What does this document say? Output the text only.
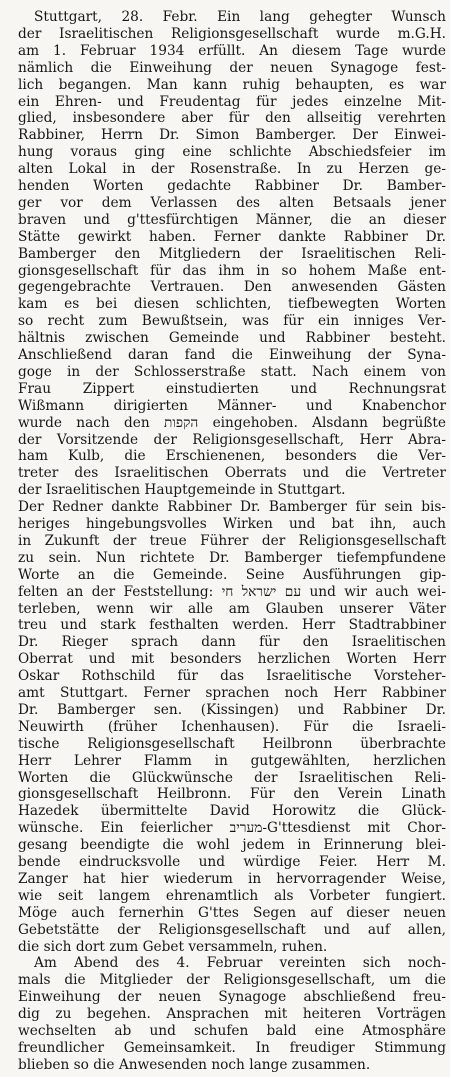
Stuttgart, 28. Febr. Ein lang gehegter Wunsch
der Israelitischen Religionsgesellschaft wurde m.G.H.
am 1. Februar 1934 erfüllt. An diesem Tage wurde
nämlich die Einweihung der neuen Synagoge fest-
lich begangen. Man kann ruhig behaupten, es war
ein Ehren- und Freudentag für jedes einzelne Mit-
glied, insbesondere aber für den allseitig verehrten
Rabbiner, Herrn Dr. Simon Bamberger. Der Einwei-
hung voraus ging eine schlichte Abschiedsfeier im
alten Lokal in der Rosenstraße. In zu Herzen ge-
henden Worten gedachte Rabbiner Dr. Bamber-
ger vor dem Verlassen des alten Betsaals jener
braven und g'ttesfürchtigen Männer, die an dieser
Stätte gewirkt haben. Ferner dankte Rabbiner Dr.
Bamberger den Mitgliedern der Israelitischen Reli-
gionsgesellschaft für das ihm in so hohem Maße ent-
gegengebrachte Vertrauen. Den anwesenden Gästen
kam es bei diesen schlichten, tiefbewegten Worten
so recht zum Bewußtsein, was für ein inniges Ver-
hältnis zwischen Gemeinde und Rabbiner besteht.
Anschließend daran fand die Einweihung der Syna-
goge in der Schlosserstraße statt. Nach einem von
Frau Zippert einstudierten und Rechnungsrat
Wißmann dirigierten Männer- und Knabenchor
wurde nach den הקפות eingehoben. Alsdann begrüßte
der Vorsitzende der Religionsgesellschaft, Herr Abra-
ham Kulb, die Erschienenen, besonders die Ver-
treter des Israelitischen Oberrats und die Vertreter
der Israelitischen Hauptgemeinde in Stuttgart.
Der Redner dankte Rabbiner Dr. Bamberger für sein bis-
heriges hingebungsvolles Wirken und bat ihn, auch
in Zukunft der treue Führer der Religionsgesellschaft
zu sein. Nun richtete Dr. Bamberger tiefempfundene
Worte an die Gemeinde. Seine Ausführungen gip-
felten an der Feststellung: עם ישראל חי und wir auch wei-
terleben, wenn wir alle am Glauben unserer Väter
treu und stark festhalten werden. Herr Stadtrabbiner
Dr. Rieger sprach dann für den Israelitischen
Oberrat und mit besonders herzlichen Worten Herr
Oskar Rothschild für das Israelitische Vorsteher-
amt Stuttgart. Ferner sprachen noch Herr Rabbiner
Dr. Bamberger sen. (Kissingen) und Rabbiner Dr.
Neuwirth (früher Ichenhausen). Für die Israeli-
tische Religionsgesellschaft Heilbronn überbrachte
Herr Lehrer Flamm in gutgewählten, herzlichen
Worten die Glückwünsche der Israelitischen Reli-
gionsgesellschaft Heilbronn. Für den Verein Linath
Hazedek übermittelte David Horowitz die Glück-
wünsche. Ein feierlicher מעריב-G'ttesdienst mit Chor-
gesang beendigte die wohl jedem in Erinnerung blei-
bende eindrucksvolle und würdige Feier. Herr M.
Zanger hat hier wiederum in hervorragender Weise,
wie seit langem ehrenamtlich als Vorbeter fungiert.
Möge auch fernerhin G'ttes Segen auf dieser neuen
Gebetstätte der Religionsgesellschaft und auf allen,
die sich dort zum Gebet versammeln, ruhen.
Am Abend des 4. Februar vereinten sich noch-
mals die Mitglieder der Religionsgesellschaft, um die
Einweihung der neuen Synagoge abschließend freu-
dig zu begehen. Ansprachen mit heiteren Vorträgen
wechselten ab und schufen bald eine Atmosphäre
freundlicher Gemeinsamkeit. In freudiger Stimmung
blieben so die Anwesenden noch lange zusammen.
